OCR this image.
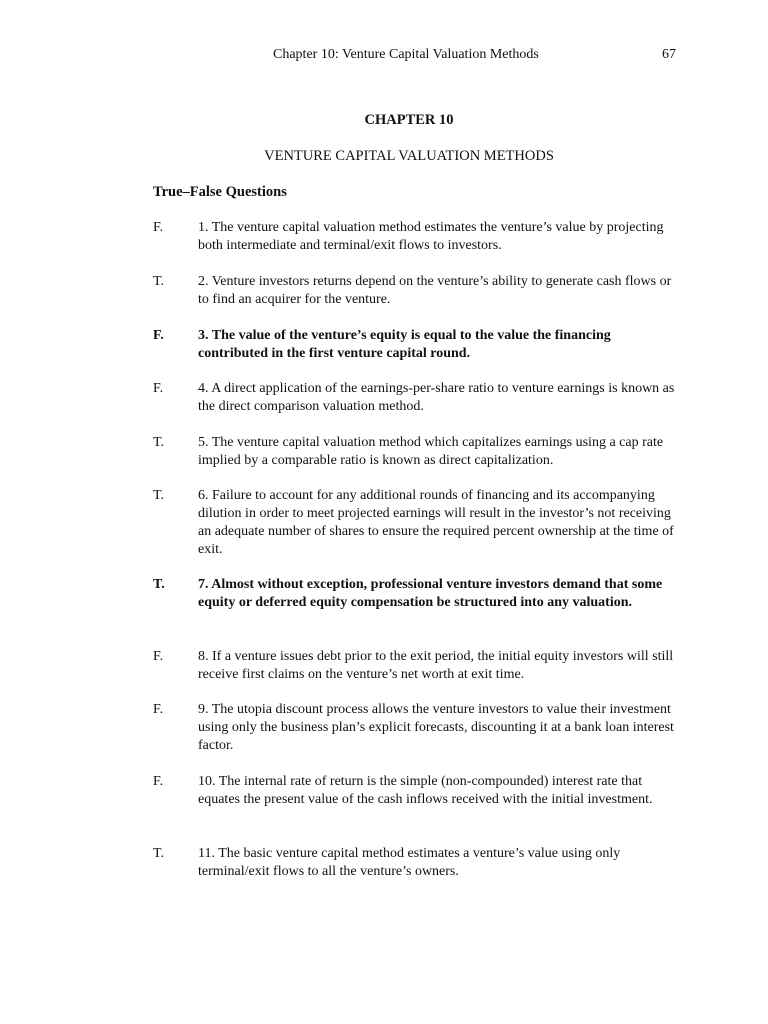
Chapter 10: Venture Capital Valuation Methods	67
CHAPTER 10
VENTURE CAPITAL VALUATION METHODS
True–False Questions
F. 1. The venture capital valuation method estimates the venture’s value by projecting both intermediate and terminal/exit flows to investors.
T. 2. Venture investors returns depend on the venture’s ability to generate cash flows or to find an acquirer for the venture.
F. 3. The value of the venture’s equity is equal to the value the financing contributed in the first venture capital round.
F. 4. A direct application of the earnings-per-share ratio to venture earnings is known as the direct comparison valuation method.
T. 5. The venture capital valuation method which capitalizes earnings using a cap rate implied by a comparable ratio is known as direct capitalization.
T. 6. Failure to account for any additional rounds of financing and its accompanying dilution in order to meet projected earnings will result in the investor’s not receiving an adequate number of shares to ensure the required percent ownership at the time of exit.
T. 7. Almost without exception, professional venture investors demand that some equity or deferred equity compensation be structured into any valuation.
F. 8. If a venture issues debt prior to the exit period, the initial equity investors will still receive first claims on the venture’s net worth at exit time.
F. 9. The utopia discount process allows the venture investors to value their investment using only the business plan’s explicit forecasts, discounting it at a bank loan interest factor.
F. 10. The internal rate of return is the simple (non-compounded) interest rate that equates the present value of the cash inflows received with the initial investment.
T. 11. The basic venture capital method estimates a venture’s value using only terminal/exit flows to all the venture’s owners.
